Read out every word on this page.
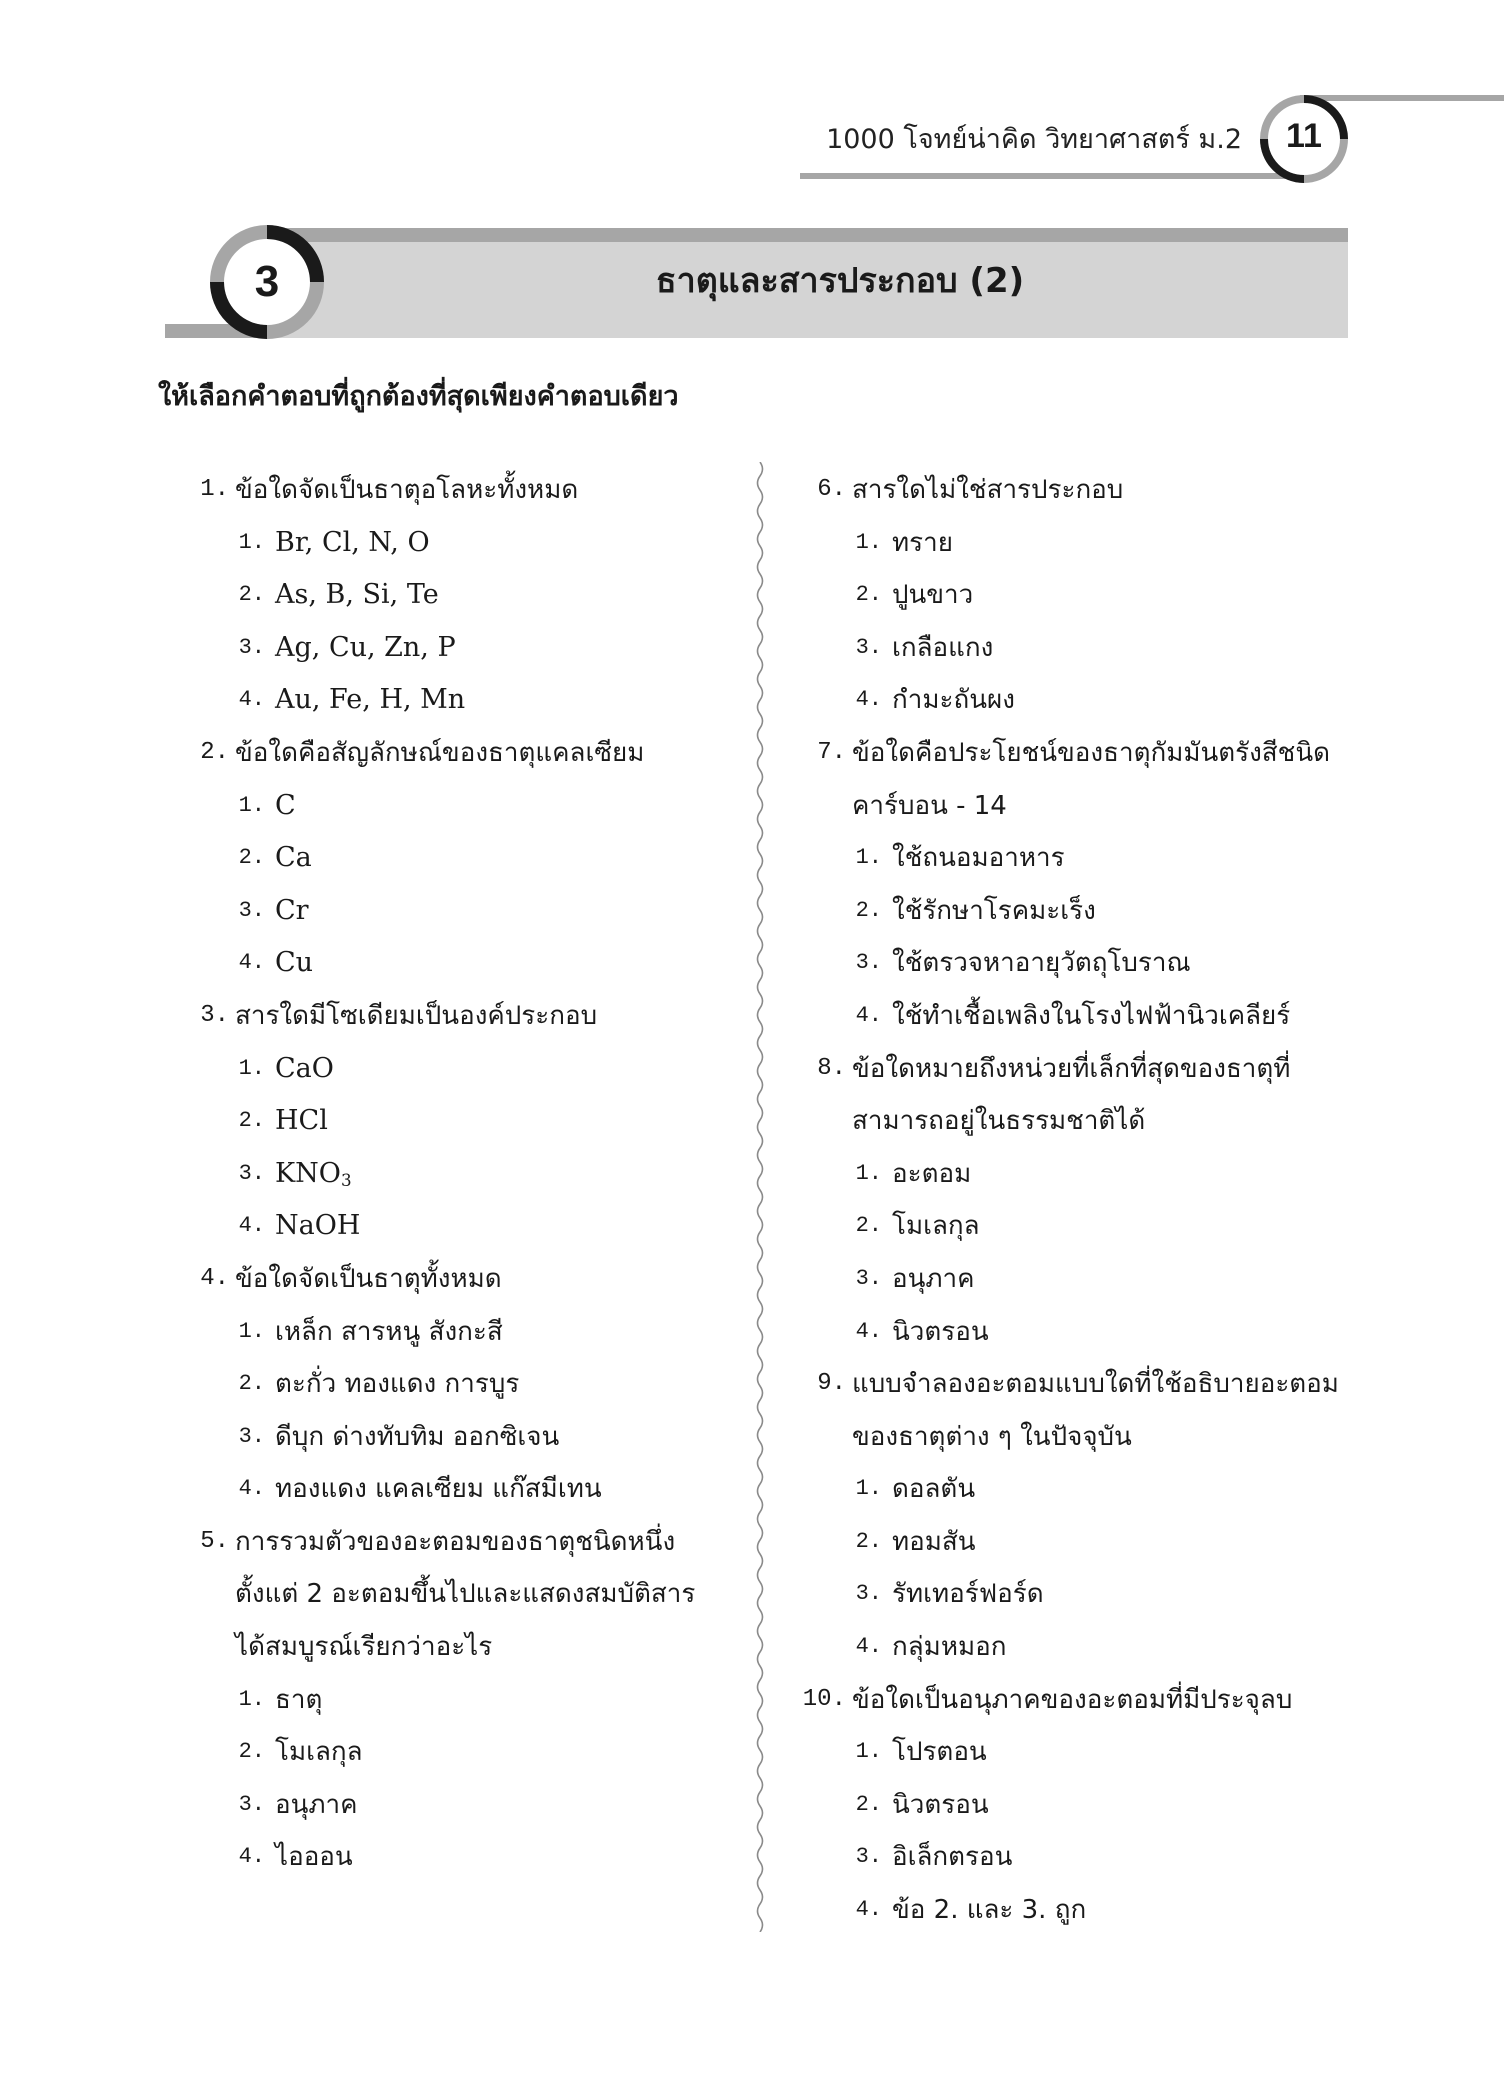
1000 โจทย์น่าคิด วิทยาศาสตร์ ม.2	11
3	ธาตุและสารประกอบ (2)
ให้เลือกคำตอบที่ถูกต้องที่สุดเพียงคำตอบเดียว
1. ข้อใดจัดเป็นธาตุอโลหะทั้งหมด
1. Br, Cl, N, O
2. As, B, Si, Te
3. Ag, Cu, Zn, P
4. Au, Fe, H, Mn
2. ข้อใดคือสัญลักษณ์ของธาตุแคลเซียม
1. C
2. Ca
3. Cr
4. Cu
3. สารใดมีโซเดียมเป็นองค์ประกอบ
1. CaO
2. HCl
3. $KNO_3$
4. NaOH
4. ข้อใดจัดเป็นธาตุทั้งหมด
1. เหล็ก สารหนู สังกะสี
2. ตะกั่ว ทองแดง การบูร
3. ดีบุก ด่างทับทิม ออกซิเจน
4. ทองแดง แคลเซียม แก๊สมีเทน
5. การรวมตัวของอะตอมของธาตุชนิดหนึ่ง
ตั้งแต่ 2 อะตอมขึ้นไปและแสดงสมบัติสาร
ได้สมบูรณ์เรียกว่าอะไร
1. ธาตุ
2. โมเลกุล
3. อนุภาค
4. ไอออน
6. สารใดไม่ใช่สารประกอบ
1. ทราย
2. ปูนขาว
3. เกลือแกง
4. กำมะถันผง
7. ข้อใดคือประโยชน์ของธาตุกัมมันตรังสีชนิด
คาร์บอน - 14
1. ใช้ถนอมอาหาร
2. ใช้รักษาโรคมะเร็ง
3. ใช้ตรวจหาอายุวัตถุโบราณ
4. ใช้ทำเชื้อเพลิงในโรงไฟฟ้านิวเคลียร์
8. ข้อใดหมายถึงหน่วยที่เล็กที่สุดของธาตุที่
สามารถอยู่ในธรรมชาติได้
1. อะตอม
2. โมเลกุล
3. อนุภาค
4. นิวตรอน
9. แบบจำลองอะตอมแบบใดที่ใช้อธิบายอะตอม
ของธาตุต่าง ๆ ในปัจจุบัน
1. ดอลตัน
2. ทอมสัน
3. รัทเทอร์ฟอร์ด
4. กลุ่มหมอก
10. ข้อใดเป็นอนุภาคของอะตอมที่มีประจุลบ
1. โปรตอน
2. นิวตรอน
3. อิเล็กตรอน
4. ข้อ 2. และ 3. ถูก
